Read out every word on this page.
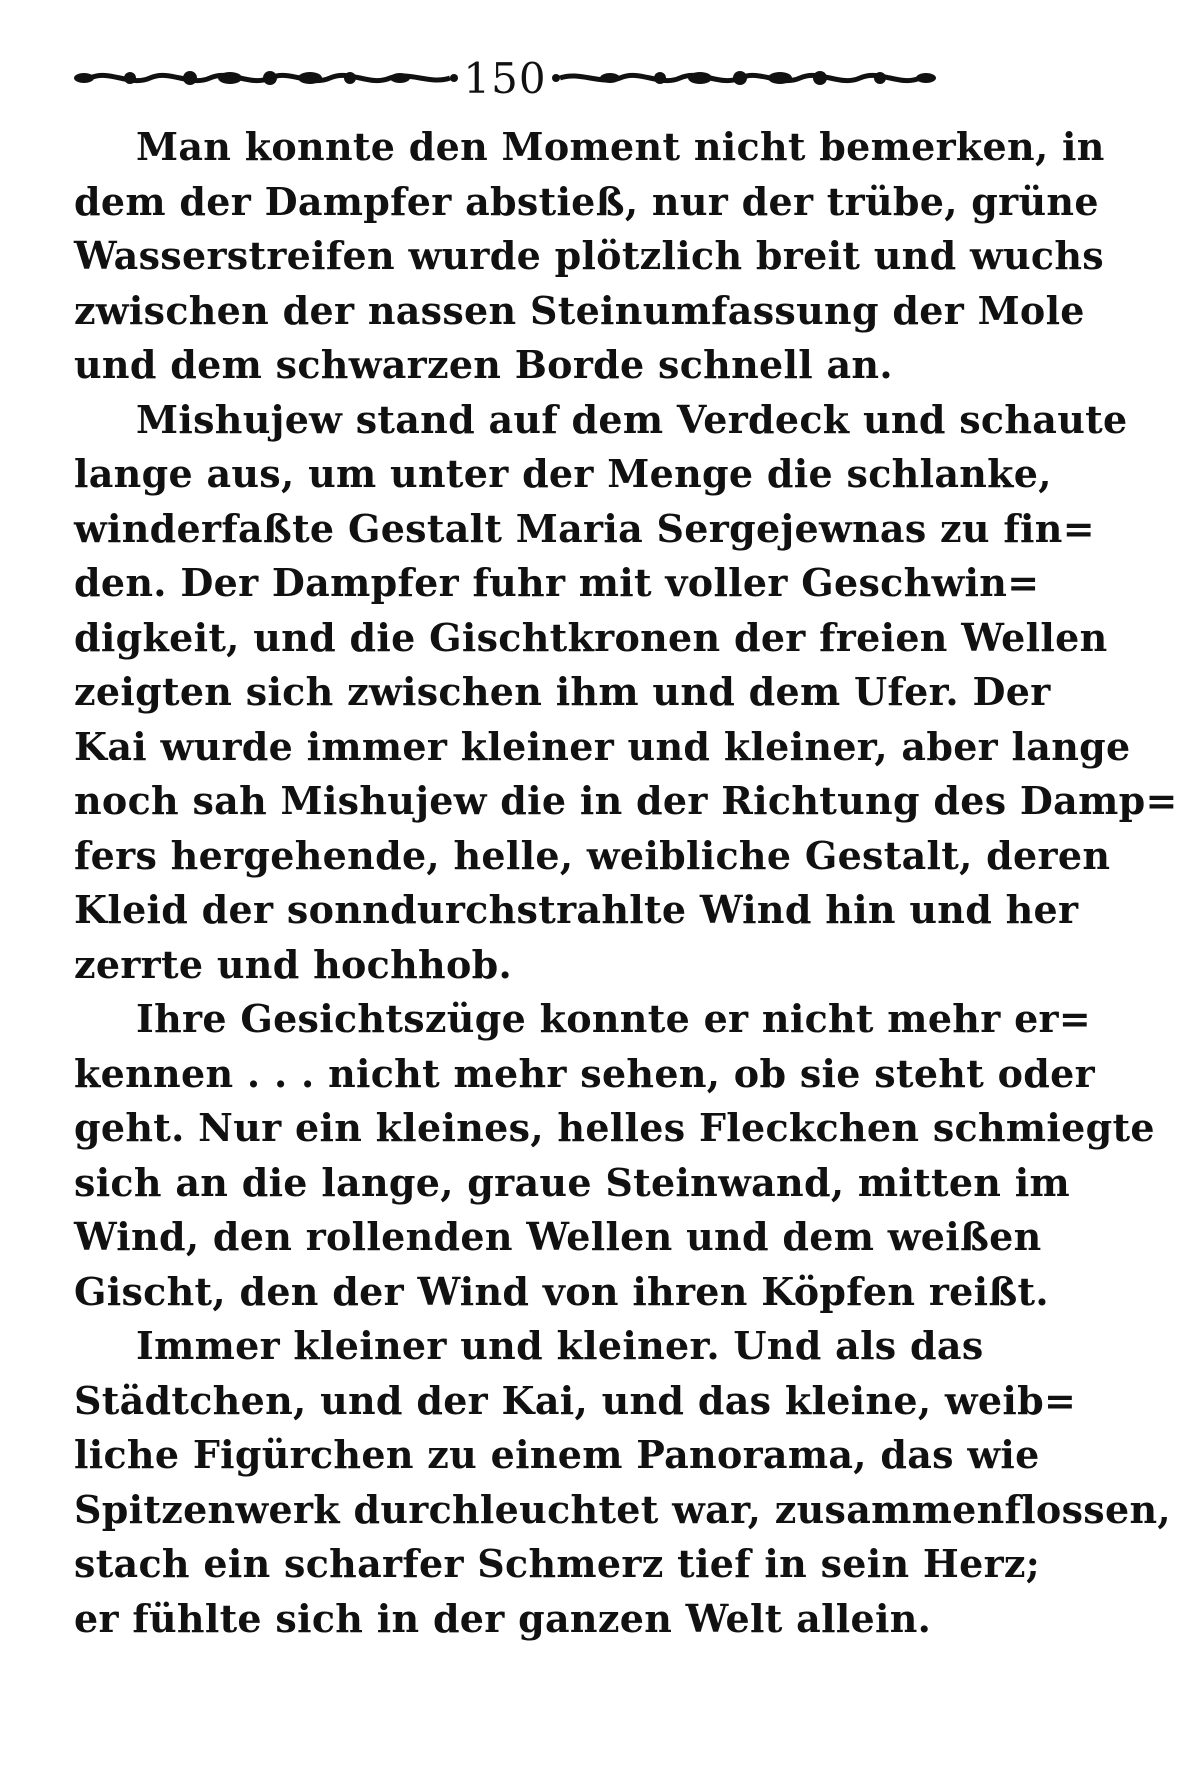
150

Man konnte den Moment nicht bemerken, in
dem der Dampfer abstieß, nur der trübe, grüne
Wasserstreifen wurde plötzlich breit und wuchs
zwischen der nassen Steinumfassung der Mole
und dem schwarzen Borde schnell an.

Mishujew stand auf dem Verdeck und schaute
lange aus, um unter der Menge die schlanke,
winderfaßte Gestalt Maria Sergejewnas zu fin=
den. Der Dampfer fuhr mit voller Geschwin=
digkeit, und die Gischtkronen der freien Wellen
zeigten sich zwischen ihm und dem Ufer. Der
Kai wurde immer kleiner und kleiner, aber lange
noch sah Mishujew die in der Richtung des Damp=
fers hergehende, helle, weibliche Gestalt, deren
Kleid der sonndurchstrahlte Wind hin und her
zerrte und hochhob.

Ihre Gesichtszüge konnte er nicht mehr er=
kennen . . . nicht mehr sehen, ob sie steht oder
geht. Nur ein kleines, helles Fleckchen schmiegte
sich an die lange, graue Steinwand, mitten im
Wind, den rollenden Wellen und dem weißen
Gischt, den der Wind von ihren Köpfen reißt.

Immer kleiner und kleiner. Und als das
Städtchen, und der Kai, und das kleine, weib=
liche Figürchen zu einem Panorama, das wie
Spitzenwerk durchleuchtet war, zusammenflossen,
stach ein scharfer Schmerz tief in sein Herz;
er fühlte sich in der ganzen Welt allein.
